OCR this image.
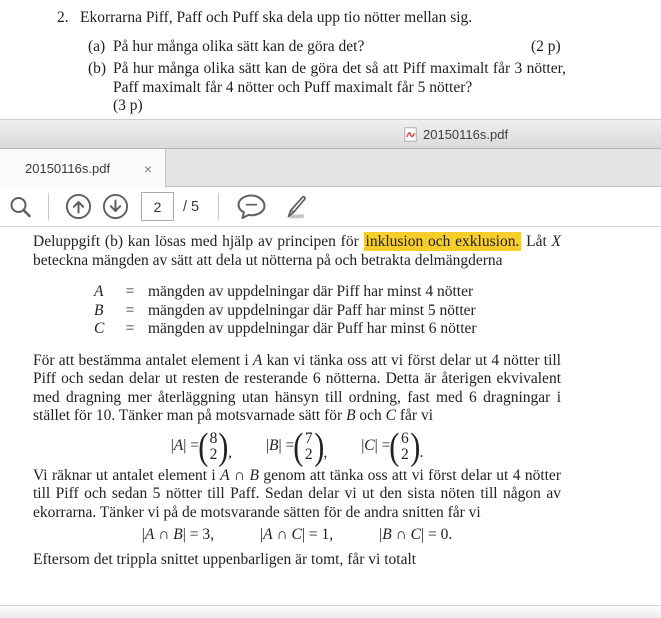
2. Ekorrarna Piff, Paff och Puff ska dela upp tio nötter mellan sig.
(a) På hur många olika sätt kan de göra det?	(2 p)
(b) På hur många olika sätt kan de göra det så att Piff maximalt får 3 nötter, Paff maximalt får 4 nötter och Puff maximalt får 5 nötter?
(3 p)
20150116s.pdf
20150116s.pdf ×
2
/ 5

Deluppgift (b) kan lösas med hjälp av principen för inklusion och exklusion. Låt X beteckna mängden av sätt att dela ut nötterna på och betrakta delmängderna

A	= mängden av uppdelningar där Piff har minst 4 nötter
B	= mängden av uppdelningar där Paff har minst 5 nötter
C	= mängden av uppdelningar där Puff har minst 6 nötter

För att bestämma antalet element i A kan vi tänka oss att vi först delar ut 4 nötter till Piff och sedan delar ut resten de resterande 6 nötterna. Detta är återigen ekvivalent med dragning mer återläggning utan hänsyn till ordning, fast med 6 dragningar i stället för 10. Tänker man på motsvarnade sätt för B och C får vi

| A | = ( 8
2 ) , | B | = ( 7
2 ) , | C | = ( 6
2 ) .

Vi räknar ut antalet element i A ∩ B genom att tänka oss att vi först delar ut 4 nötter till Piff och sedan 5 nötter till Paff. Sedan delar vi ut den sista nöten till någon av ekorrarna. Tänker vi på de motsvarande sätten för de andra snitten får vi

|A ∩ B| = 3,	|A ∩ C| = 1,	|B ∩ C| = 0.

Eftersom det trippla snittet uppenbarligen är tomt, får vi totalt
